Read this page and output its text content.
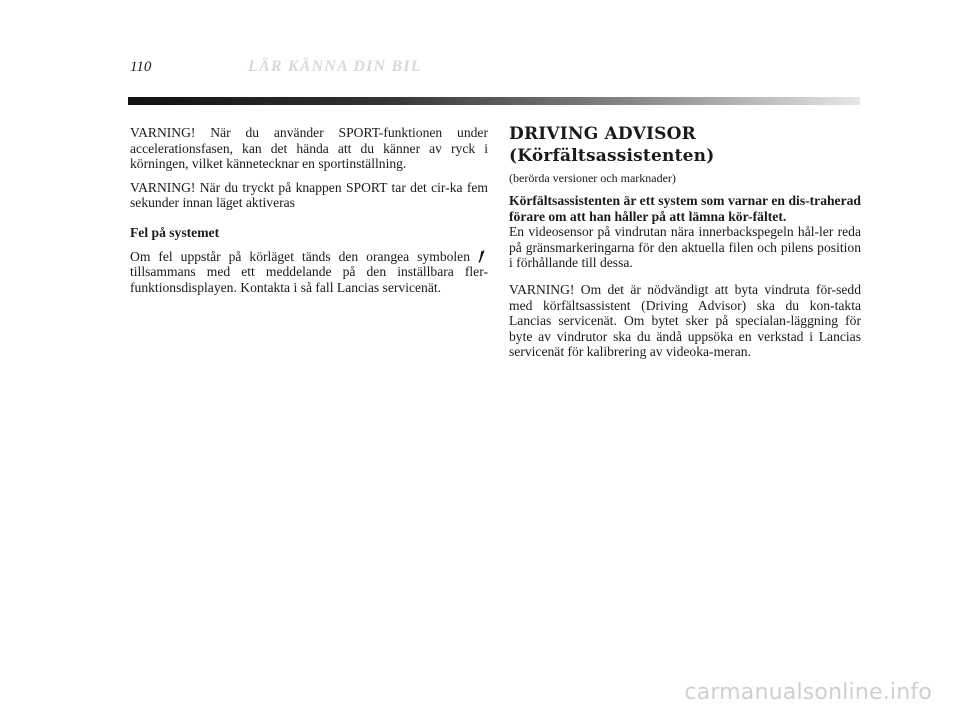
110	LÄR KÄNNA DIN BIL

VARNING! När du använder SPORT-funktionen under accelerationsfasen, kan det hända att du känner av ryck i körningen, vilket kännetecknar en sportinställning.

VARNING! När du tryckt på knappen SPORT tar det cir-ka fem sekunder innan läget aktiveras

Fel på systemet

Om fel uppstår på körläget tänds den orangea symbolen  tillsammans med ett meddelande på den inställbara fler-funktionsdisplayen. Kontakta i så fall Lancias servicenät.

DRIVING ADVISOR
(Körfältsassistenten)
(berörda versioner och marknader)

Körfältsassistenten är ett system som varnar en dis-traherad förare om att han håller på att lämna kör-fältet.

En videosensor på vindrutan nära innerbackspegeln hål-ler reda på gränsmarkeringarna för den aktuella filen och pilens position i förhållande till dessa.

VARNING! Om det är nödvändigt att byta vindruta för-sedd med körfältsassistent (Driving Advisor) ska du kon-takta Lancias servicenät. Om bytet sker på specialan-läggning för byte av vindrutor ska du ändå uppsöka en verkstad i Lancias servicenät för kalibrering av videoka-meran.

carmanualsonline.info
